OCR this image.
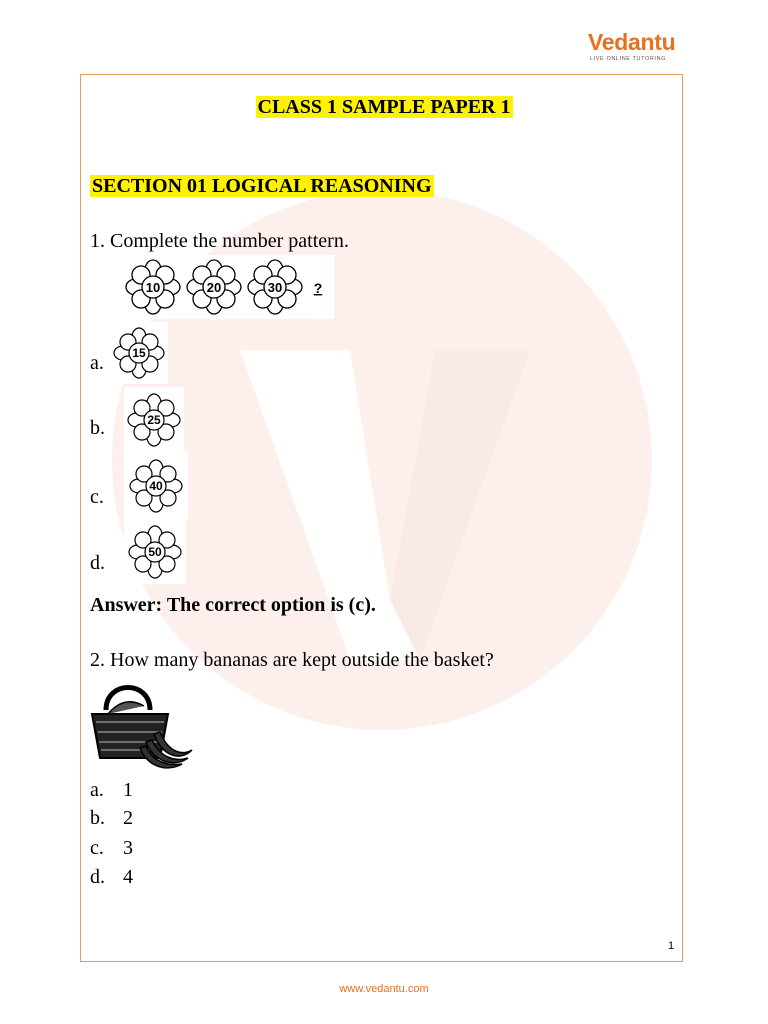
Vedantu
LIVE ONLINE TUTORING
CLASS 1 SAMPLE PAPER 1
SECTION 01 LOGICAL REASONING
1. Complete the number pattern.
10	20	30 ?
a. 15
b.	25
c.	40
d.	50
Answer: The correct option is (c).
2. How many bananas are kept outside the basket?
a. 1
b. 2
c. 3
d. 4
1
www.vedantu.com
